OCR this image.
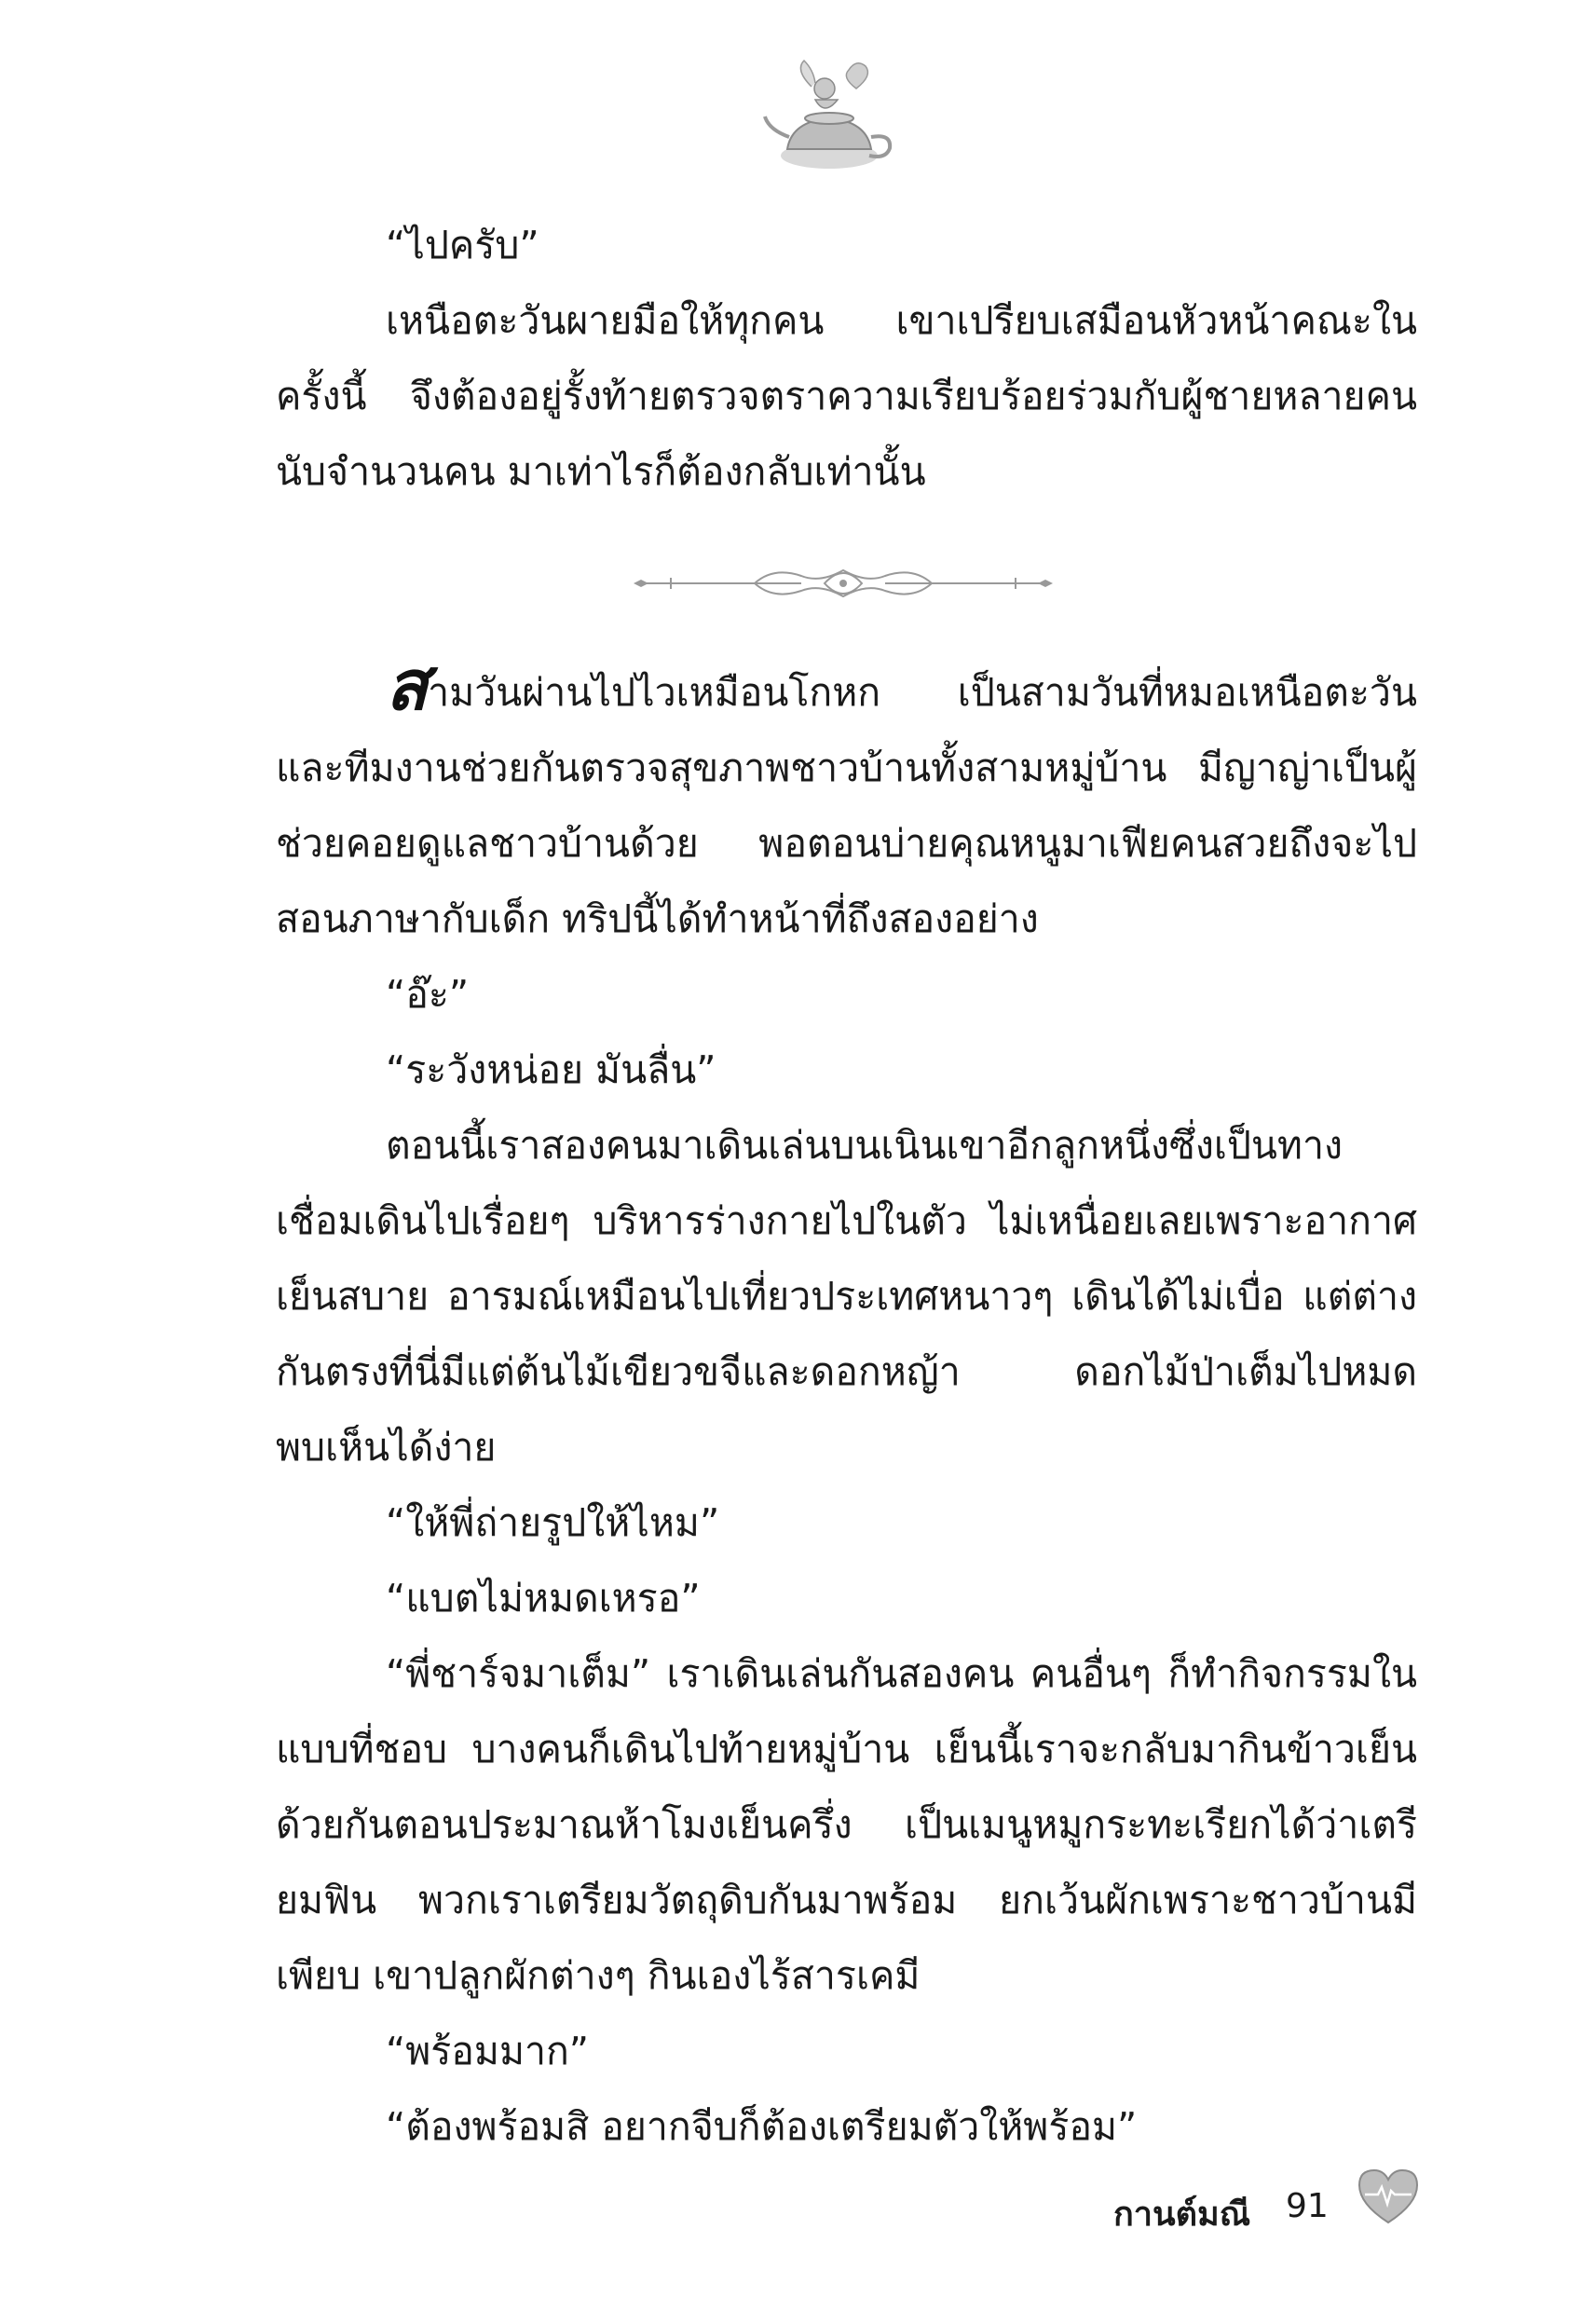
“ไปครับ”

เหนือตะวันผายมือให้ทุกคน เขาเปรียบเสมือนหัวหน้าคณะในครั้งนี้ จึงต้องอยู่รั้งท้ายตรวจตราความเรียบร้อยร่วมกับผู้ชายหลายคน นับจำนวนคน มาเท่าไรก็ต้องกลับเท่านั้น

สามวันผ่านไปไวเหมือนโกหก เป็นสามวันที่หมอเหนือตะวันและทีมงานช่วยกันตรวจสุขภาพชาวบ้านทั้งสามหมู่บ้าน มีญาญ่าเป็นผู้ช่วยคอยดูแลชาวบ้านด้วย พอตอนบ่ายคุณหนูมาเฟียคนสวยถึงจะไปสอนภาษากับเด็ก ทริปนี้ได้ทำหน้าที่ถึงสองอย่าง

“อ๊ะ”

“ระวังหน่อย มันลื่น”

ตอนนี้เราสองคนมาเดินเล่นบนเนินเขาอีกลูกหนึ่งซึ่งเป็นทางเชื่อมเดินไปเรื่อยๆ บริหารร่างกายไปในตัว ไม่เหนื่อยเลยเพราะอากาศเย็นสบาย อารมณ์เหมือนไปเที่ยวประเทศหนาวๆ เดินได้ไม่เบื่อ แต่ต่างกันตรงที่นี่มีแต่ต้นไม้เขียวขจีและดอกหญ้า ดอกไม้ป่าเต็มไปหมดพบเห็นได้ง่าย

“ให้พี่ถ่ายรูปให้ไหม”

“แบตไม่หมดเหรอ”

“พี่ชาร์จมาเต็ม” เราเดินเล่นกันสองคน คนอื่นๆ ก็ทำกิจกรรมในแบบที่ชอบ บางคนก็เดินไปท้ายหมู่บ้าน เย็นนี้เราจะกลับมากินข้าวเย็นด้วยกันตอนประมาณห้าโมงเย็นครึ่ง เป็นเมนูหมูกระทะเรียกได้ว่าเตรียมฟิน พวกเราเตรียมวัตถุดิบกันมาพร้อม ยกเว้นผักเพราะชาวบ้านมีเพียบ เขาปลูกผักต่างๆ กินเองไร้สารเคมี

“พร้อมมาก”

“ต้องพร้อมสิ อยากจีบก็ต้องเตรียมตัวให้พร้อม”

กานต์มณี 91
